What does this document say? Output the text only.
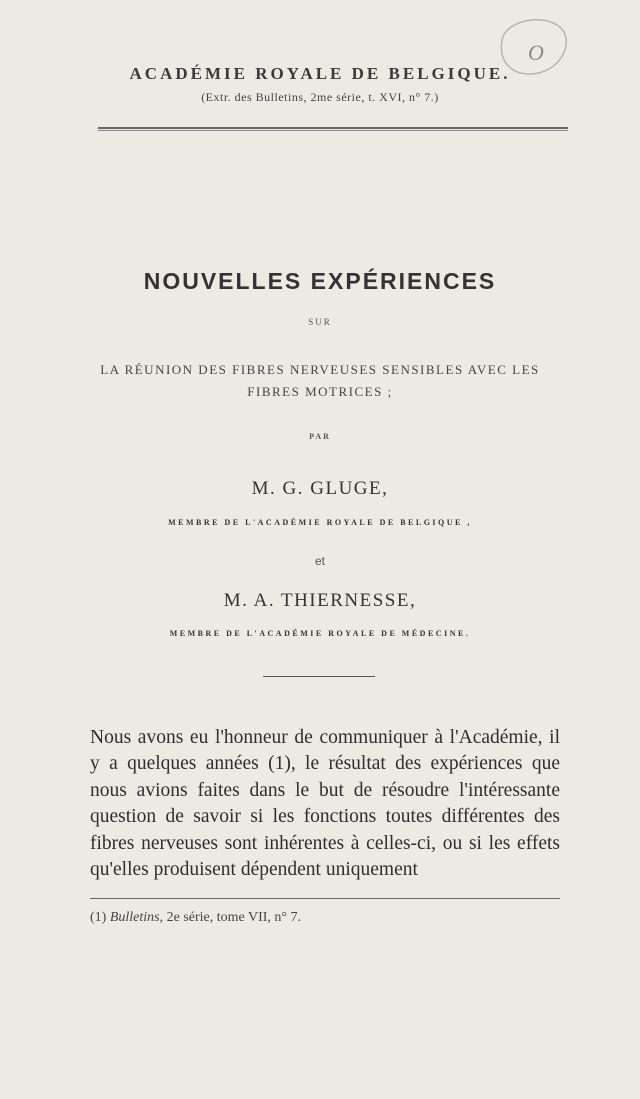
O
ACADÉMIE ROYALE DE BELGIQUE.
(Extr. des Bulletins, 2me série, t. XVI, n° 7.)
NOUVELLES EXPÉRIENCES
SUR
LA RÉUNION DES FIBRES NERVEUSES SENSIBLES AVEC LES
FIBRES MOTRICES ;
PAR
M. G. GLUGE,
MEMBRE DE L'ACADÉMIE ROYALE DE BELGIQUE ,
et
M. A. THIERNESSE,
MEMBRE DE L'ACADÉMIE ROYALE DE MÉDECINE.
Nous avons eu l'honneur de communiquer à l'Académie, il y a quelques années (1), le résultat des expériences que nous avions faites dans le but de résoudre l'intéressante question de savoir si les fonctions toutes différentes des fibres nerveuses sont inhérentes à celles-ci, ou si les effets qu'elles produisent dépendent uniquement
(1) Bulletins, 2e série, tome VII, n° 7.
